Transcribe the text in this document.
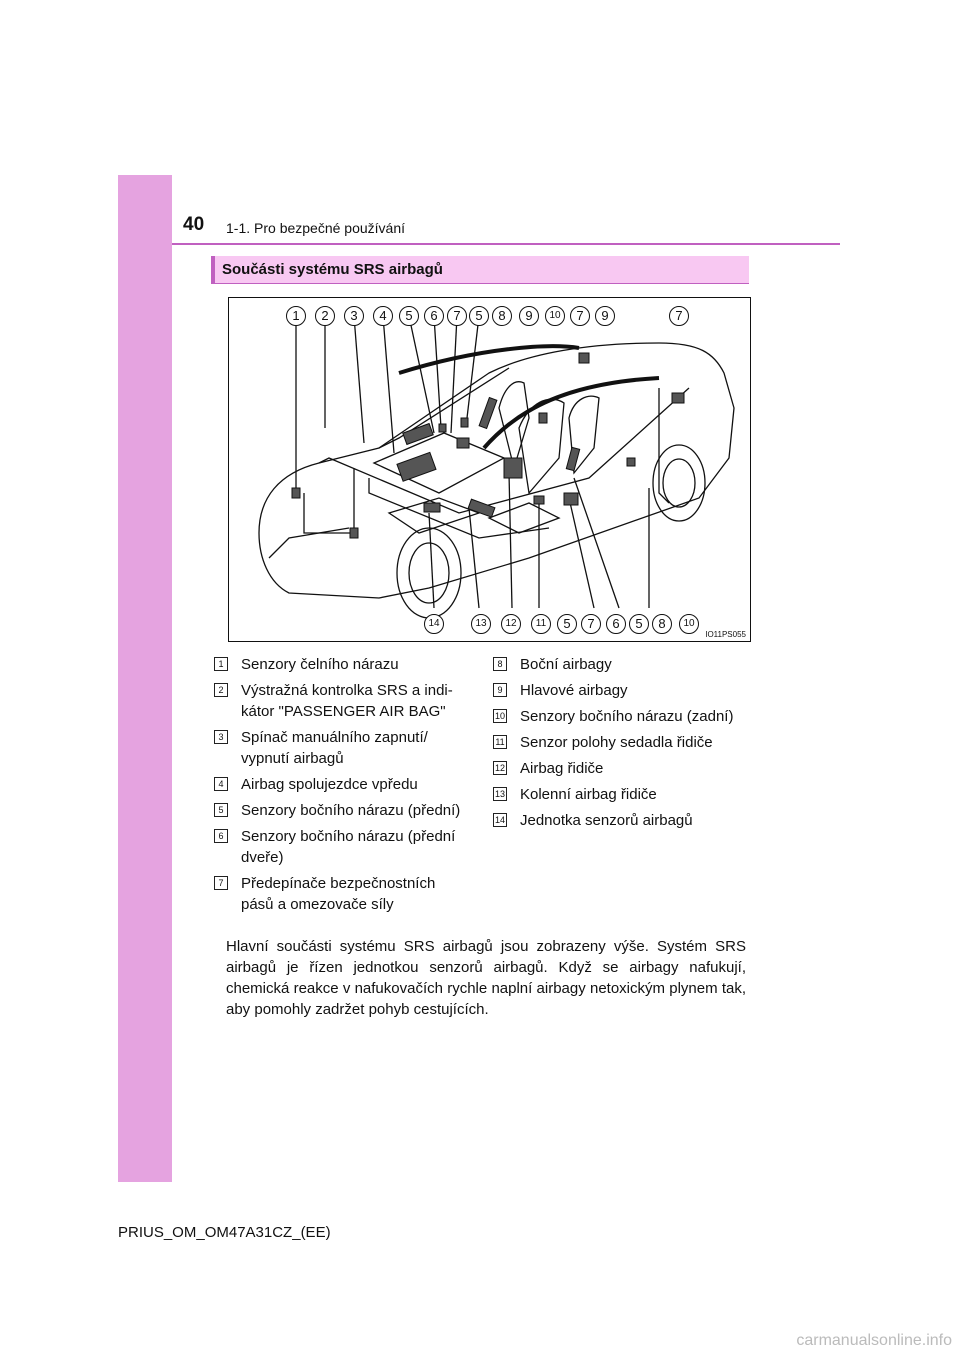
40 1-1. Pro bezpečné používání
Součásti systému SRS airbagů
IO11PS055
1	2	3	4	5	6	7	5	8	9	10	7	9	7
14	13	12	11	5	7	6	5	8	10
1	Senzory čelního nárazu
2	Výstražná kontrolka SRS a indi-
kátor "PASSENGER AIR BAG"
3	Spínač manuálního zapnutí/
vypnutí airbagů
4	Airbag spolujezdce vpředu
5	Senzory bočního nárazu (přední)
6	Senzory bočního nárazu (přední
dveře)
7	Předepínače bezpečnostních
pásů a omezovače síly
8	Boční airbagy
9	Hlavové airbagy
10 Senzory bočního nárazu (zadní)
11 Senzor polohy sedadla řidiče
12 Airbag řidiče
13 Kolenní airbag řidiče
14 Jednotka senzorů airbagů
Hlavní součásti systému SRS airbagů jsou zobrazeny výše. Systém SRS airbagů je řízen jednotkou senzorů airbagů. Když se airbagy nafukují, chemická reakce v nafukovačích rychle naplní airbagy netoxickým plynem tak, aby pomohly zadržet pohyb cestujících.
PRIUS_OM_OM47A31CZ_(EE)
carmanualsonline.info
